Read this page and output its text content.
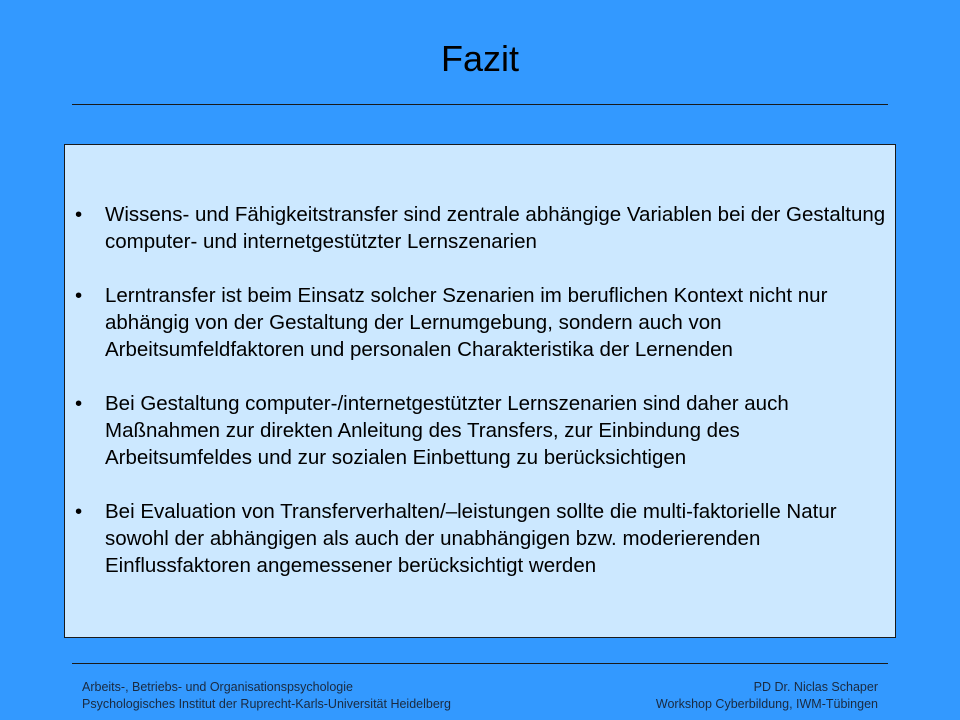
Fazit
• Wissens- und Fähigkeitstransfer sind zentrale abhängige Variablen bei der Gestaltung computer- und internetgestützter Lernszenarien
• Lerntransfer ist beim Einsatz solcher Szenarien im beruflichen Kontext nicht nur abhängig von der Gestaltung der Lernumgebung, sondern auch von Arbeitsumfeldfaktoren und personalen Charakteristika der Lernenden
• Bei Gestaltung computer-/internetgestützter Lernszenarien sind daher auch Maßnahmen zur direkten Anleitung des Transfers, zur Einbindung des Arbeitsumfeldes und zur sozialen Einbettung zu berücksichtigen
• Bei Evaluation von Transferverhalten/–leistungen sollte die multi-faktorielle Natur sowohl der abhängigen als auch der unabhängigen bzw. moderierenden Einflussfaktoren angemessener berücksichtigt werden
Arbeits-, Betriebs- und Organisationspsychologie
Psychologisches Institut der Ruprecht-Karls-Universität Heidelberg
PD Dr. Niclas Schaper
Workshop Cyberbildung, IWM-Tübingen
